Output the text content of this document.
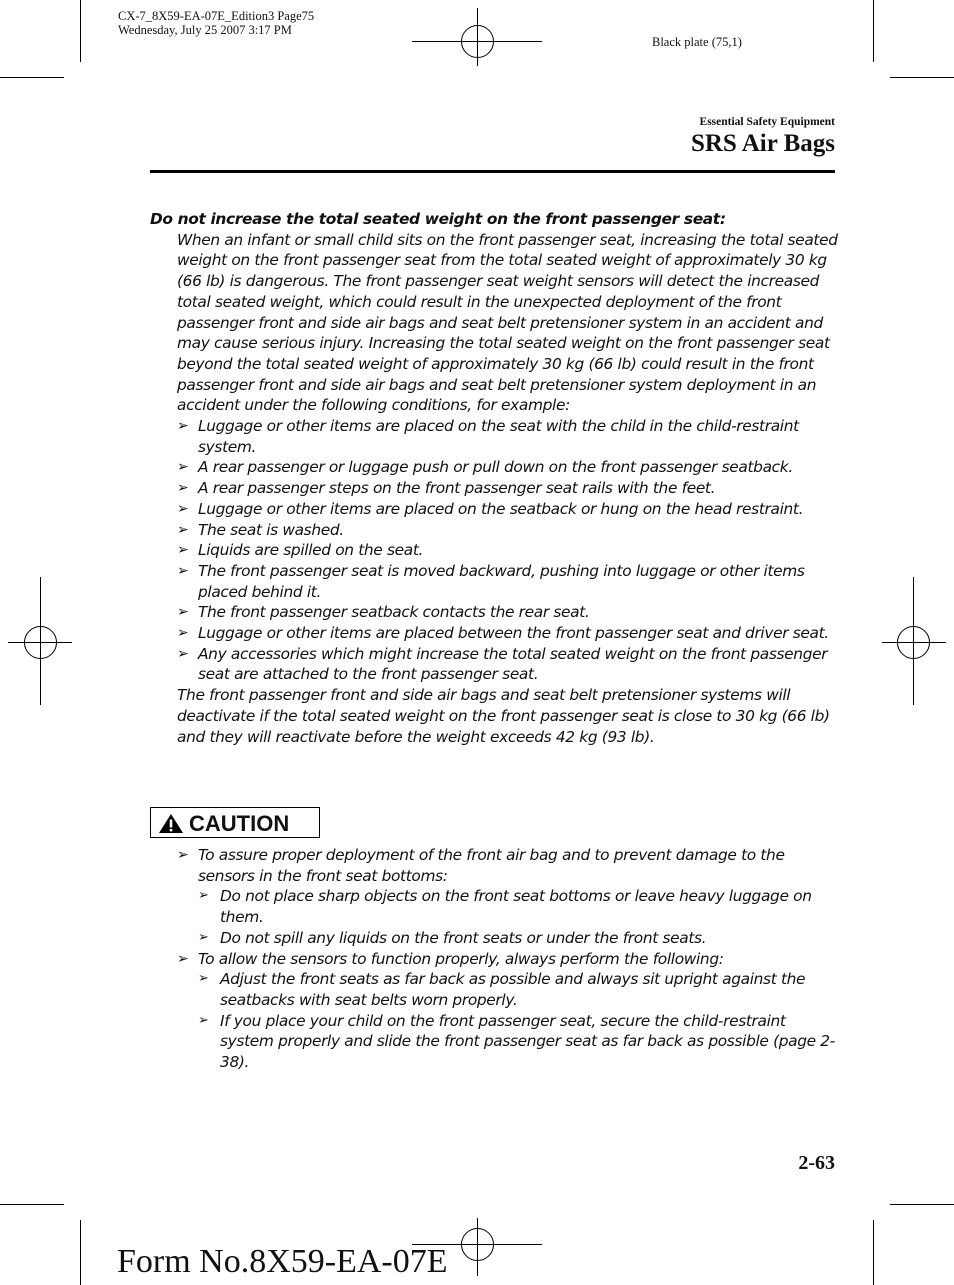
CX-7_8X59-EA-07E_Edition3 Page75
Wednesday, July 25 2007 3:17 PM
Black plate (75,1)
Essential Safety Equipment
SRS Air Bags
Do not increase the total seated weight on the front passenger seat:
When an infant or small child sits on the front passenger seat, increasing the total seated weight on the front passenger seat from the total seated weight of approximately 30 kg (66 lb) is dangerous. The front passenger seat weight sensors will detect the increased total seated weight, which could result in the unexpected deployment of the front passenger front and side air bags and seat belt pretensioner system in an accident and may cause serious injury. Increasing the total seated weight on the front passenger seat beyond the total seated weight of approximately 30 kg (66 lb) could result in the front passenger front and side air bags and seat belt pretensioner system deployment in an accident under the following conditions, for example:
➢ Luggage or other items are placed on the seat with the child in the child-restraint system.
➢ A rear passenger or luggage push or pull down on the front passenger seatback.
➢ A rear passenger steps on the front passenger seat rails with the feet.
➢ Luggage or other items are placed on the seatback or hung on the head restraint.
➢ The seat is washed.
➢ Liquids are spilled on the seat.
➢ The front passenger seat is moved backward, pushing into luggage or other items placed behind it.
➢ The front passenger seatback contacts the rear seat.
➢ Luggage or other items are placed between the front passenger seat and driver seat.
➢ Any accessories which might increase the total seated weight on the front passenger seat are attached to the front passenger seat.
The front passenger front and side air bags and seat belt pretensioner systems will deactivate if the total seated weight on the front passenger seat is close to 30 kg (66 lb) and they will reactivate before the weight exceeds 42 kg (93 lb).
CAUTION
➢ To assure proper deployment of the front air bag and to prevent damage to the sensors in the front seat bottoms:
➢ Do not place sharp objects on the front seat bottoms or leave heavy luggage on them.
➢ Do not spill any liquids on the front seats or under the front seats.
➢ To allow the sensors to function properly, always perform the following:
➢ Adjust the front seats as far back as possible and always sit upright against the seatbacks with seat belts worn properly.
➢ If you place your child on the front passenger seat, secure the child-restraint system properly and slide the front passenger seat as far back as possible (page 2-38).
2-63
Form No.8X59-EA-07E
